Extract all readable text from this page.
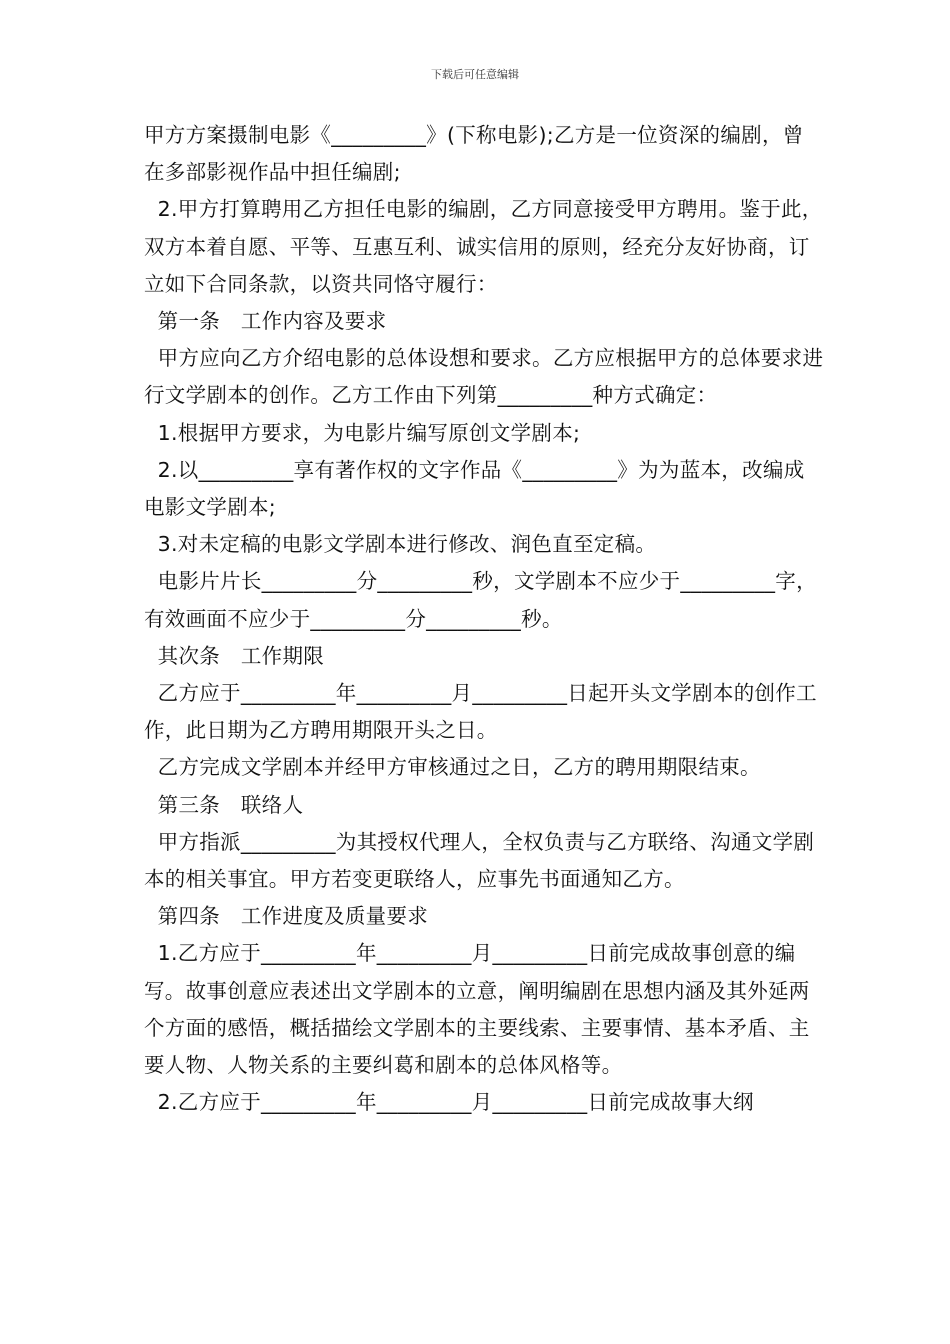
下载后可任意编辑

甲方方案摄制电影《_________》(下称电影);乙方是一位资深的编剧，曾在多部影视作品中担任编剧;

2.甲方打算聘用乙方担任电影的编剧，乙方同意接受甲方聘用。鉴于此，双方本着自愿、平等、互惠互利、诚实信用的原则，经充分友好协商，订立如下合同条款，以资共同恪守履行：

第一条　工作内容及要求

甲方应向乙方介绍电影的总体设想和要求。乙方应根据甲方的总体要求进行文学剧本的创作。乙方工作由下列第_________种方式确定：

1.根据甲方要求，为电影片编写原创文学剧本;

2.以_________享有著作权的文字作品《_________》为为蓝本，改编成电影文学剧本;

3.对未定稿的电影文学剧本进行修改、润色直至定稿。

电影片片长_________分_________秒，文学剧本不应少于_________字，有效画面不应少于_________分_________秒。

其次条　工作期限

乙方应于_________年_________月_________日起开头文学剧本的创作工作，此日期为乙方聘用期限开头之日。

乙方完成文学剧本并经甲方审核通过之日，乙方的聘用期限结束。

第三条　联络人

甲方指派_________为其授权代理人，全权负责与乙方联络、沟通文学剧本的相关事宜。甲方若变更联络人，应事先书面通知乙方。

第四条　工作进度及质量要求

1.乙方应于_________年_________月_________日前完成故事创意的编写。故事创意应表述出文学剧本的立意，阐明编剧在思想内涵及其外延两个方面的感悟，概括描绘文学剧本的主要线索、主要事情、基本矛盾、主要人物、人物关系的主要纠葛和剧本的总体风格等。

2.乙方应于_________年_________月_________日前完成故事大纲
